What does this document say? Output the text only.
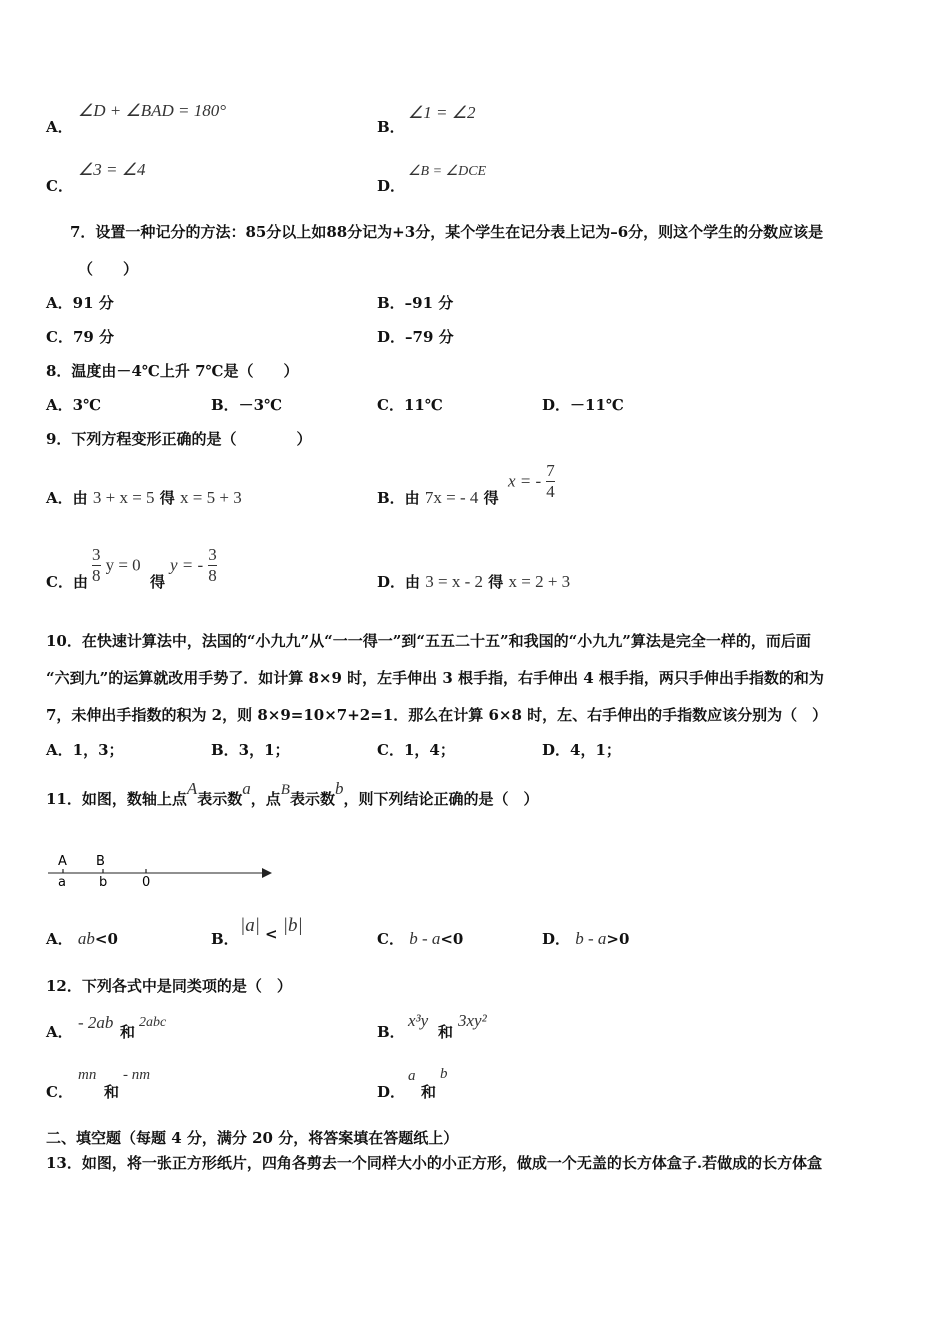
A．
∠D + ∠BAD = 180°
B．
∠1 = ∠2
C．
∠3 = ∠4
D．
∠B = ∠DCE
7．设置一种记分的方法：85分以上如88分记为+3分，某个学生在记分表上记为–6分，则这个学生的分数应该是
（　　）
A．91 分	B．–91 分
C．79 分	D．–79 分
8．温度由－4℃上升 7℃是（　　）
A．3℃	B．－3℃	C．11℃	D．－11℃
9．下列方程变形正确的是（　　　　）
A．由 3 + x = 5 得 x = 5 + 3	B．由 7x = - 4 得
x = - $\frac{7}{4}$
C．由 $\frac{3}{8}$ y = 0
得
y = - $\frac{3}{8}$	D．由 3 = x - 2 得 x = 2 + 3
10．在快速计算法中，法国的“小九九”从“一一得一”到“五五二十五”和我国的“小九九”算法是完全一样的，而后面
“六到九”的运算就改用手势了．如计算 8×9 时，左手伸出 3 根手指，右手伸出 4 根手指，两只手伸出手指数的和为
7，未伸出手指数的积为 2，则 8×9=10×7+2=1．那么在计算 6×8 时，左、右手伸出的手指数应该分别为（　）
A．1，3；	B．3，1；	C．1，4；	D．4，1；
11．如图，数轴上点A表示数a，点B表示数b，则下列结论正确的是（　）
A B
a	b	0
A． ab<0	B．
|a| < |b|
C． b - a<0	D． b - a>0
12．下列各式中是同类项的是（　）
A． - 2ab 和
2abc
B．
x³y
和
3xy²
C．
mn
和
- nm
D．
a
和
b
二、填空题（每题 4 分，满分 20 分，将答案填在答题纸上）
13．如图，将一张正方形纸片，四角各剪去一个同样大小的小正方形，做成一个无盖的长方体盒子.若做成的长方体盒
